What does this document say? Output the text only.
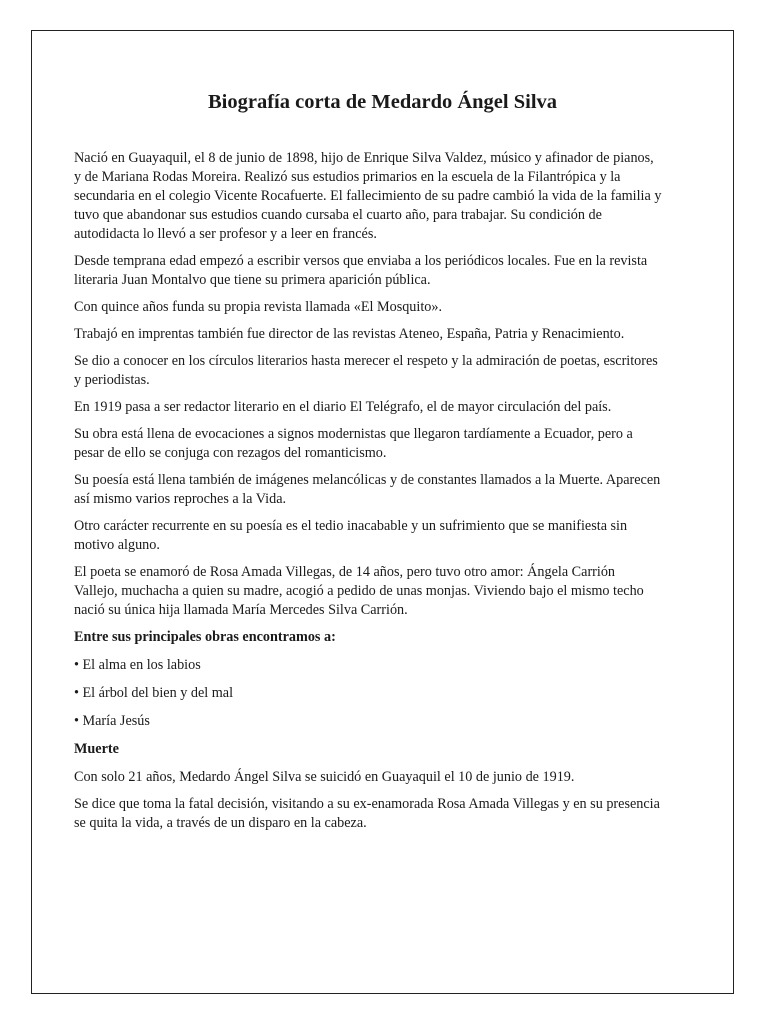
Biografía corta de Medardo Ángel Silva

Nació en Guayaquil, el 8 de junio de 1898, hijo de Enrique Silva Valdez, músico y afinador de pianos, y de Mariana Rodas Moreira. Realizó sus estudios primarios en la escuela de la Filantrópica y la secundaria en el colegio Vicente Rocafuerte. El fallecimiento de su padre cambió la vida de la familia y tuvo que abandonar sus estudios cuando cursaba el cuarto año, para trabajar. Su condición de autodidacta lo llevó a ser profesor y a leer en francés.

Desde temprana edad empezó a escribir versos que enviaba a los periódicos locales. Fue en la revista literaria Juan Montalvo que tiene su primera aparición pública.

Con quince años funda su propia revista llamada «El Mosquito».

Trabajó en imprentas también fue director de las revistas Ateneo, España, Patria y Renacimiento.

Se dio a conocer en los círculos literarios hasta merecer el respeto y la admiración de poetas, escritores y periodistas.

En 1919 pasa a ser redactor literario en el diario El Telégrafo, el de mayor circulación del país.

Su obra está llena de evocaciones a signos modernistas que llegaron tardíamente a Ecuador, pero a pesar de ello se conjuga con rezagos del romanticismo.

Su poesía está llena también de imágenes melancólicas y de constantes llamados a la Muerte. Aparecen así mismo varios reproches a la Vida.

Otro carácter recurrente en su poesía es el tedio inacabable y un sufrimiento que se manifiesta sin motivo alguno.

El poeta se enamoró de Rosa Amada Villegas, de 14 años, pero tuvo otro amor: Ángela Carrión Vallejo, muchacha a quien su madre, acogió a pedido de unas monjas. Viviendo bajo el mismo techo nació su única hija llamada María Mercedes Silva Carrión.

Entre sus principales obras encontramos a:

• El alma en los labios
• El árbol del bien y del mal
• María Jesús

Muerte

Con solo 21 años, Medardo Ángel Silva se suicidó en Guayaquil el 10 de junio de 1919.

Se dice que toma la fatal decisión, visitando a su ex-enamorada Rosa Amada Villegas y en su presencia se quita la vida, a través de un disparo en la cabeza.
